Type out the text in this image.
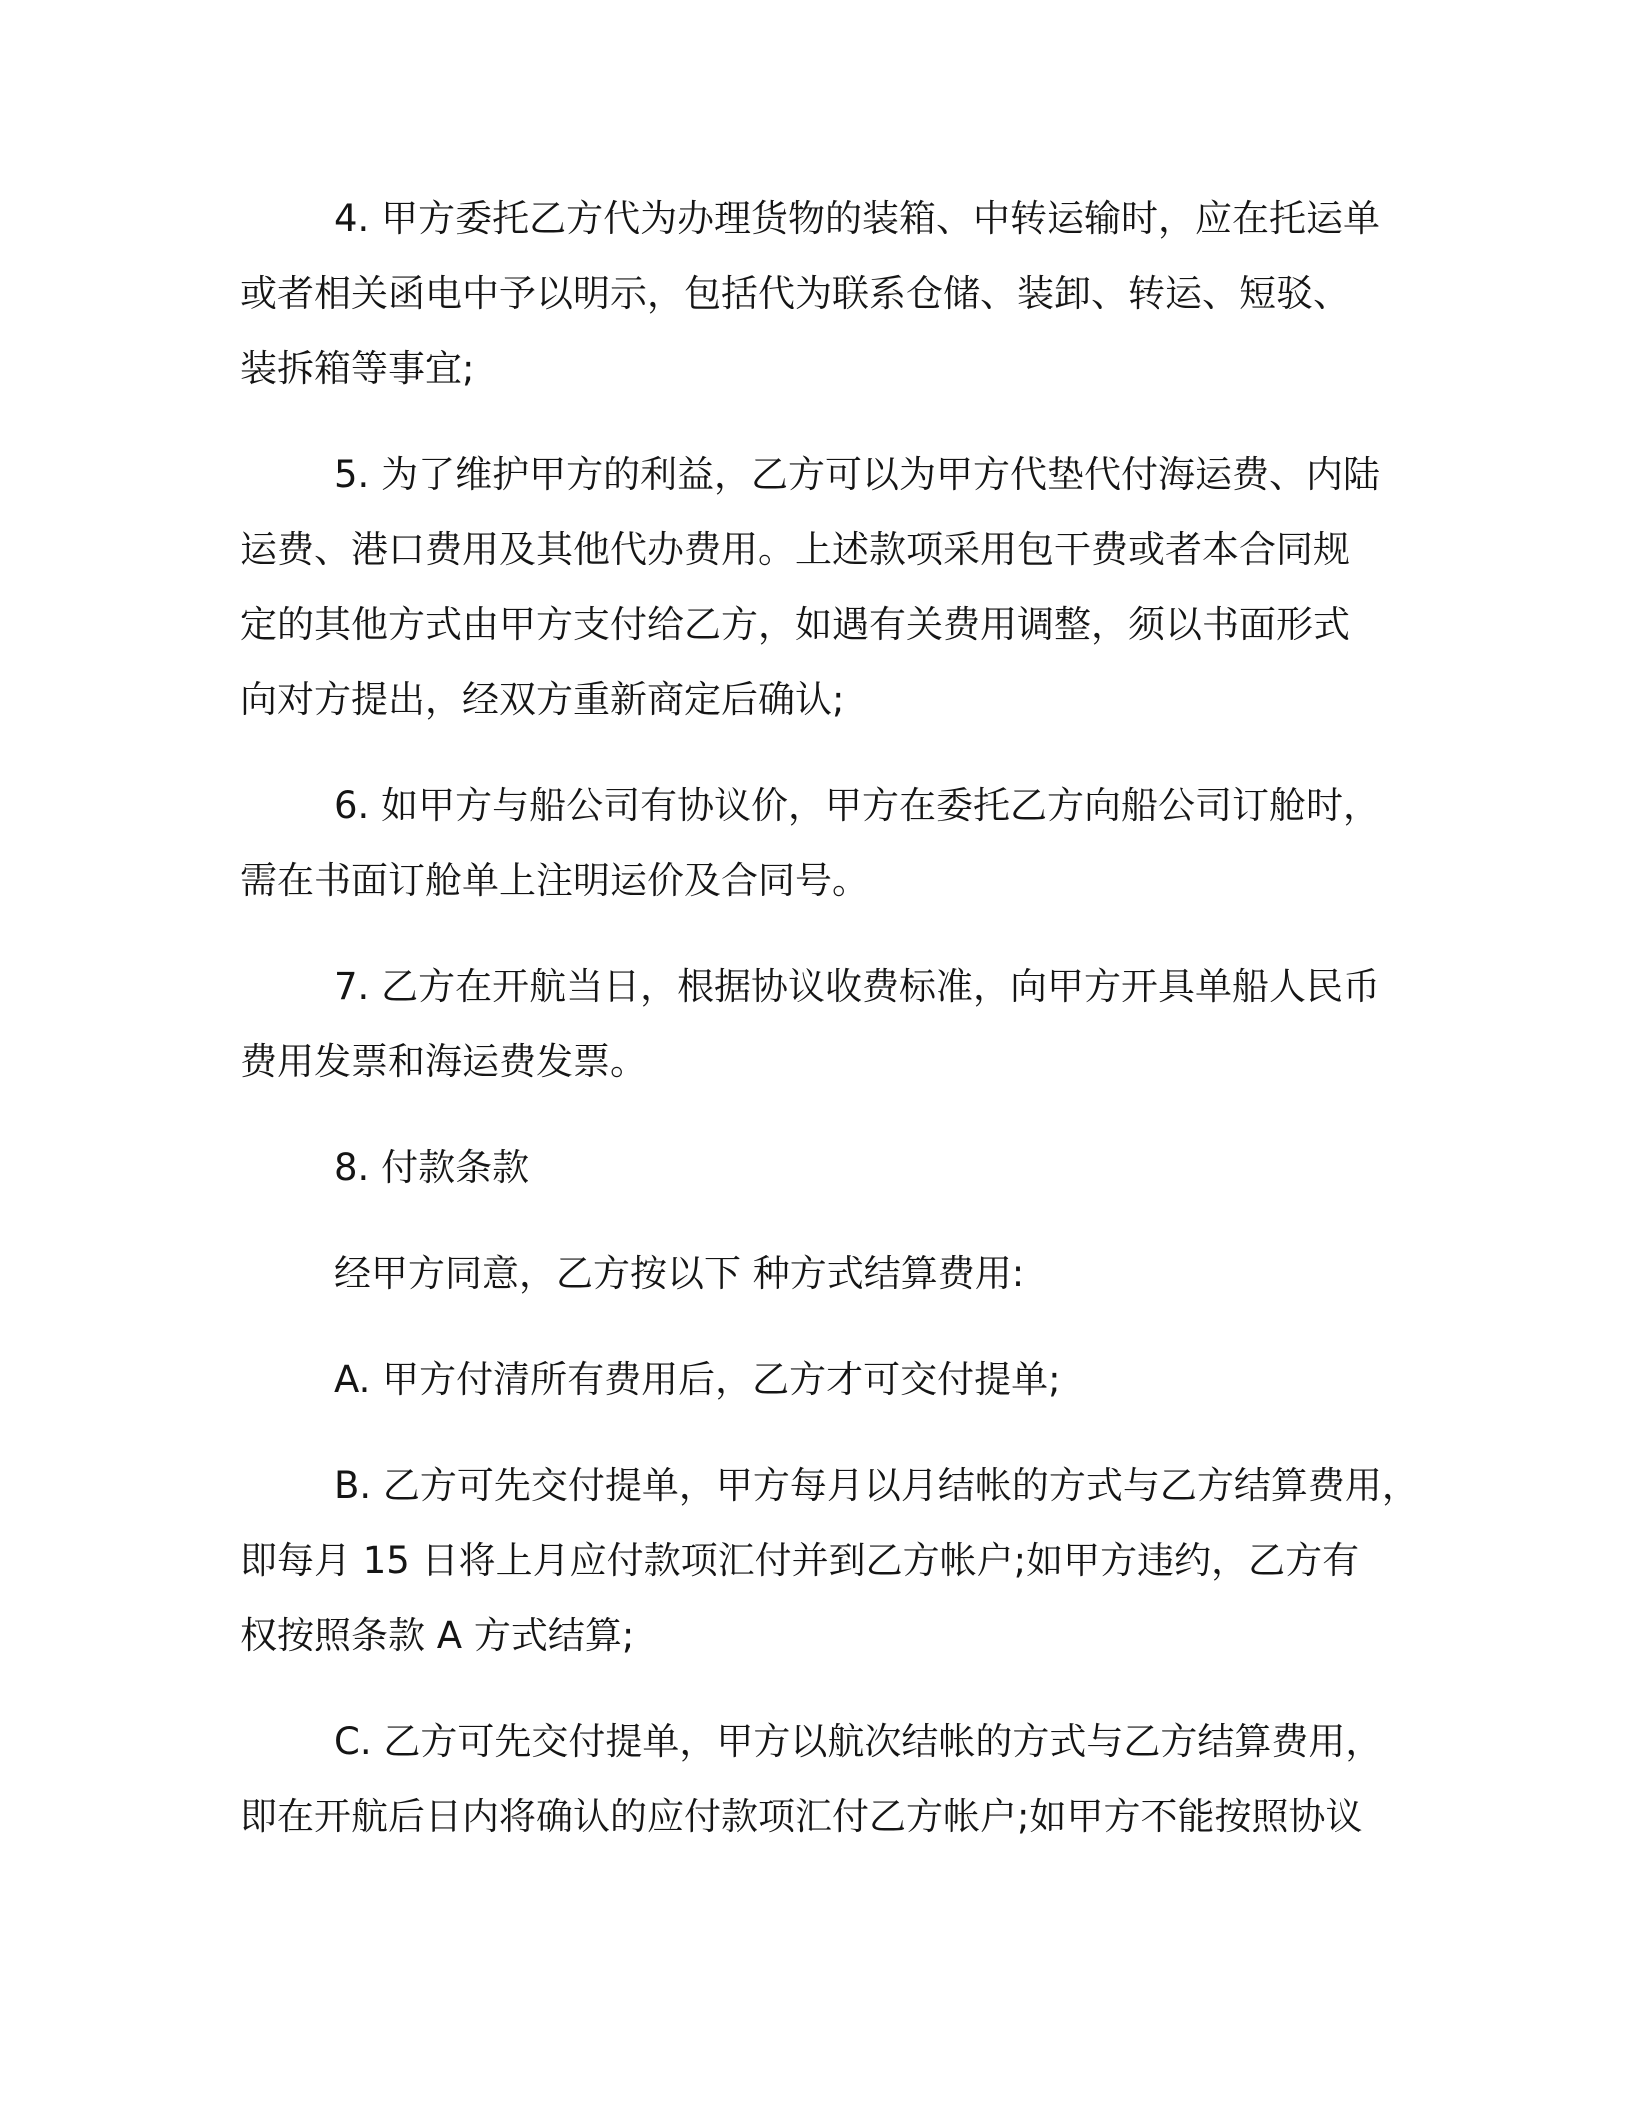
4. 甲方委托乙方代为办理货物的装箱、中转运输时，应在托运单
或者相关函电中予以明示，包括代为联系仓储、装卸、转运、短驳、
装拆箱等事宜;

5. 为了维护甲方的利益，乙方可以为甲方代垫代付海运费、内陆
运费、港口费用及其他代办费用。上述款项采用包干费或者本合同规
定的其他方式由甲方支付给乙方，如遇有关费用调整，须以书面形式
向对方提出，经双方重新商定后确认;

6. 如甲方与船公司有协议价，甲方在委托乙方向船公司订舱时，
需在书面订舱单上注明运价及合同号。

7. 乙方在开航当日，根据协议收费标准，向甲方开具单船人民币
费用发票和海运费发票。

8. 付款条款

经甲方同意，乙方按以下 种方式结算费用:

A. 甲方付清所有费用后，乙方才可交付提单;

B. 乙方可先交付提单，甲方每月以月结帐的方式与乙方结算费用，
即每月 15 日将上月应付款项汇付并到乙方帐户;如甲方违约，乙方有
权按照条款 A 方式结算;

C. 乙方可先交付提单，甲方以航次结帐的方式与乙方结算费用，
即在开航后日内将确认的应付款项汇付乙方帐户;如甲方不能按照协议
